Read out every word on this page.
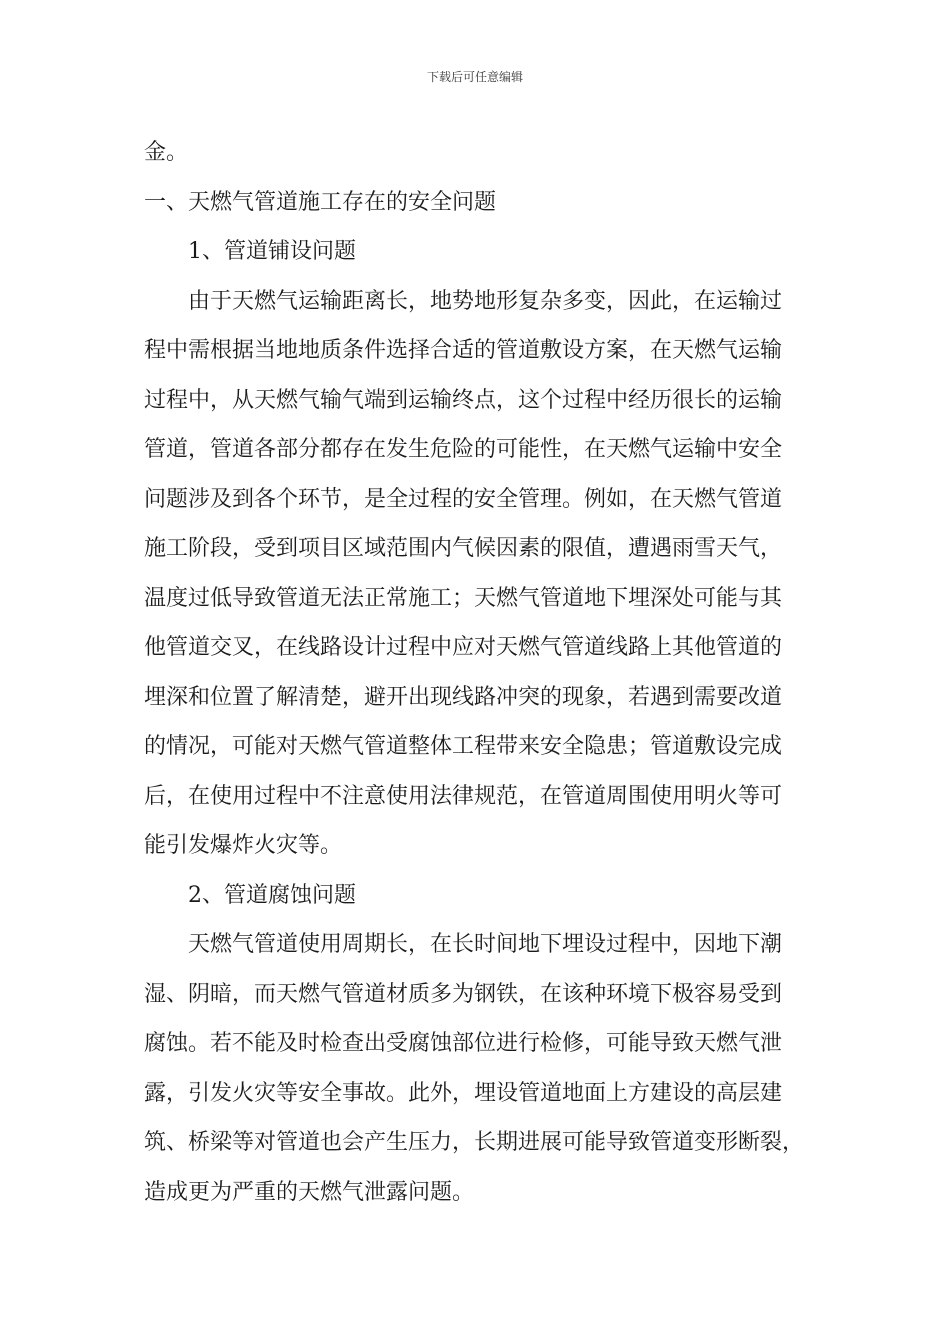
下载后可任意编辑
金。
一、天燃气管道施工存在的安全问题
1、管道铺设问题
由于天燃气运输距离长，地势地形复杂多变，因此，在运输过
程中需根据当地地质条件选择合适的管道敷设方案，在天燃气运输
过程中，从天燃气输气端到运输终点，这个过程中经历很长的运输
管道，管道各部分都存在发生危险的可能性，在天燃气运输中安全
问题涉及到各个环节，是全过程的安全管理。例如，在天燃气管道
施工阶段，受到项目区域范围内气候因素的限值，遭遇雨雪天气，
温度过低导致管道无法正常施工；天燃气管道地下埋深处可能与其
他管道交叉，在线路设计过程中应对天燃气管道线路上其他管道的
埋深和位置了解清楚，避开出现线路冲突的现象，若遇到需要改道
的情况，可能对天燃气管道整体工程带来安全隐患；管道敷设完成
后，在使用过程中不注意使用法律规范，在管道周围使用明火等可
能引发爆炸火灾等。
2、管道腐蚀问题
天燃气管道使用周期长，在长时间地下埋设过程中，因地下潮
湿、阴暗，而天燃气管道材质多为钢铁，在该种环境下极容易受到
腐蚀。若不能及时检查出受腐蚀部位进行检修，可能导致天燃气泄
露，引发火灾等安全事故。此外，埋设管道地面上方建设的高层建
筑、桥梁等对管道也会产生压力，长期进展可能导致管道变形断裂，
造成更为严重的天燃气泄露问题。
